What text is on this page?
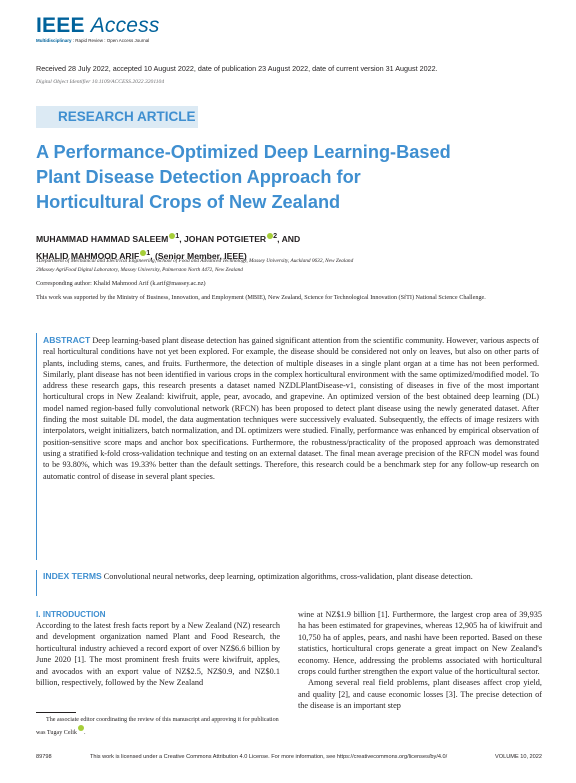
IEEE Access
Multidisciplinary : Rapid Review : Open Access Journal
Received 28 July 2022, accepted 10 August 2022, date of publication 23 August 2022, date of current version 31 August 2022.
Digital Object Identifier 10.1109/ACCESS.2022.3201104
RESEARCH ARTICLE
A Performance-Optimized Deep Learning-Based Plant Disease Detection Approach for Horticultural Crops of New Zealand
MUHAMMAD HAMMAD SALEEM $^1$, JOHAN POTGIETER $^2$, AND
KHALID MAHMOOD ARIF $^1$, (Senior Member, IEEE)
1Department of Mechanical and Electrical Engineering, School of Food and Advanced Technology, Massey University, Auckland 0632, New Zealand
2Massey AgriFood Digital Laboratory, Massey University, Palmerston North 4472, New Zealand
Corresponding author: Khalid Mahmood Arif (k.arif@massey.ac.nz)
This work was supported by the Ministry of Business, Innovation, and Employment (MBIE), New Zealand, Science for Technological Innovation (SfTI) National Science Challenge.

ABSTRACT Deep learning-based plant disease detection has gained significant attention from the scientific community. However, various aspects of real horticultural conditions have not yet been explored. For example, the disease should be considered not only on leaves, but also on other parts of plants, including stems, canes, and fruits. Furthermore, the detection of multiple diseases in a single plant organ at a time has not been performed. Similarly, plant disease has not been identified in various crops in the complex horticultural environment with the same optimized/modified model. To address these research gaps, this research presents a dataset named NZDLPlantDisease-v1, consisting of diseases in five of the most important horticultural crops in New Zealand: kiwifruit, apple, pear, avocado, and grapevine. An optimized version of the best obtained deep learning (DL) model named region-based fully convolutional network (RFCN) has been proposed to detect plant disease using the newly generated dataset. After finding the most suitable DL model, the data augmentation techniques were successively evaluated. Subsequently, the effects of image resizers with interpolators, weight initializers, batch normalization, and DL optimizers were studied. Finally, performance was enhanced by empirical observation of position-sensitive score maps and anchor box specifications. Furthermore, the robustness/practicality of the proposed approach was demonstrated using a stratified k-fold cross-validation technique and testing on an external dataset. The final mean average precision of the RFCN model was found to be 93.80%, which was 19.33% better than the default settings. Therefore, this research could be a benchmark step for any follow-up research on automatic control of disease in several plant species.

INDEX TERMS Convolutional neural networks, deep learning, optimization algorithms, cross-validation, plant disease detection.

I. INTRODUCTION

According to the latest fresh facts report by a New Zealand (NZ) research and development organization named Plant and Food Research, the horticultural industry achieved a record export of over NZ$6.6 billion by June 2020 [1]. The most prominent fresh fruits were kiwifruit, apples, and avocados with an export value of NZ$2.5, NZ$0.9, and NZ$0.1 billion, respectively, followed by the New Zealand

wine at NZ$1.9 billion [1]. Furthermore, the largest crop area of 39,935 ha has been estimated for grapevines, whereas 12,905 ha of kiwifruit and 10,750 ha of apples, pears, and nashi have been reported. Based on these statistics, horticultural crops generate a great impact on New Zealand's economy. Hence, addressing the problems associated with horticultural crops could further strengthen the export value of the horticultural sector.

Among several real field problems, plant diseases affect crop yield, and quality [2], and cause economic losses [3]. The precise detection of the disease is an important step

The associate editor coordinating the review of this manuscript and approving it for publication was Tugay Celik .
89798	This work is licensed under a Creative Commons Attribution 4.0 License. For more information, see https://creativecommons.org/licenses/by/4.0/	VOLUME 10, 2022
